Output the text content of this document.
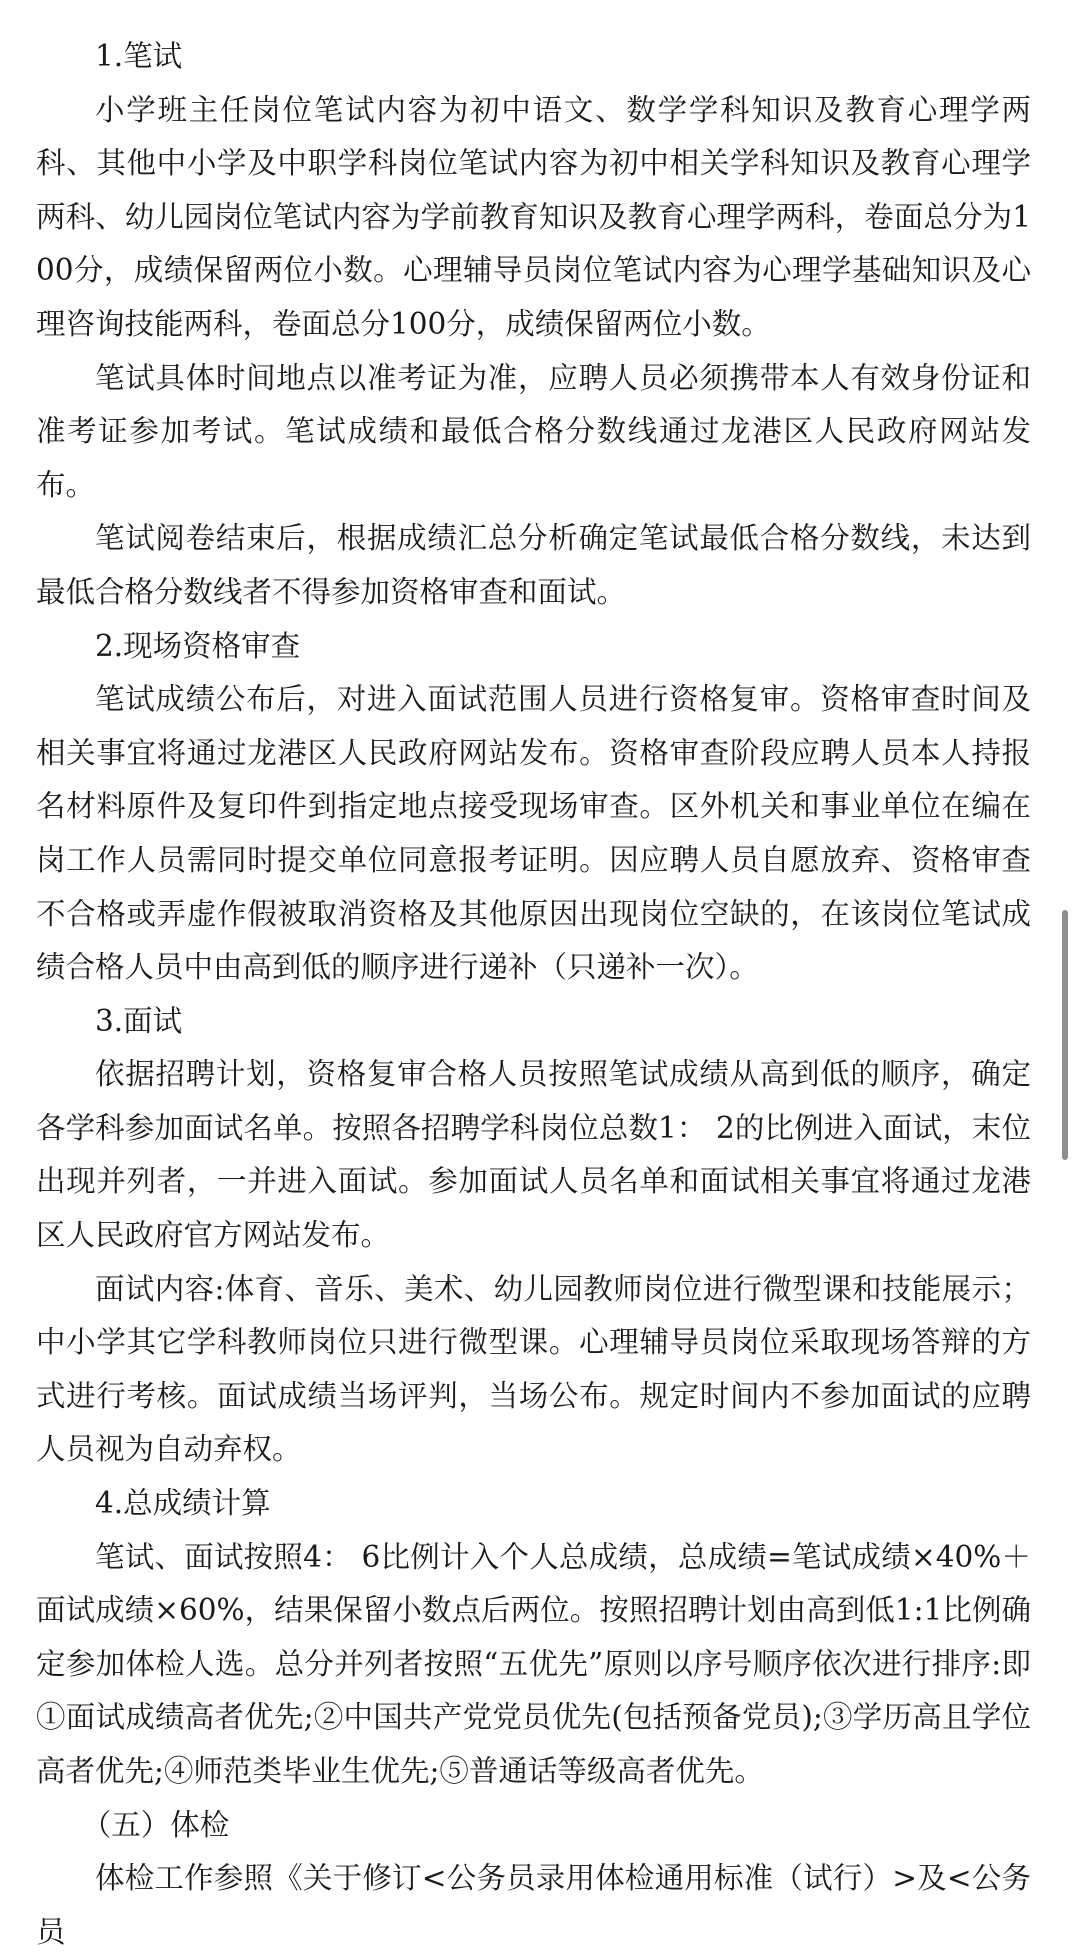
1.笔试

小学班主任岗位笔试内容为初中语文、数学学科知识及教育心理学两科、其他中小学及中职学科岗位笔试内容为初中相关学科知识及教育心理学两科、幼儿园岗位笔试内容为学前教育知识及教育心理学两科，卷面总分为100分，成绩保留两位小数。心理辅导员岗位笔试内容为心理学基础知识及心理咨询技能两科，卷面总分100分，成绩保留两位小数。

笔试具体时间地点以准考证为准，应聘人员必须携带本人有效身份证和准考证参加考试。笔试成绩和最低合格分数线通过龙港区人民政府网站发布。

笔试阅卷结束后，根据成绩汇总分析确定笔试最低合格分数线，未达到最低合格分数线者不得参加资格审查和面试。

2.现场资格审查

笔试成绩公布后，对进入面试范围人员进行资格复审。资格审查时间及相关事宜将通过龙港区人民政府网站发布。资格审查阶段应聘人员本人持报名材料原件及复印件到指定地点接受现场审查。区外机关和事业单位在编在岗工作人员需同时提交单位同意报考证明。因应聘人员自愿放弃、资格审查不合格或弄虚作假被取消资格及其他原因出现岗位空缺的，在该岗位笔试成绩合格人员中由高到低的顺序进行递补（只递补一次）。

3.面试

依据招聘计划，资格复审合格人员按照笔试成绩从高到低的顺序，确定各学科参加面试名单。按照各招聘学科岗位总数1： 2的比例进入面试，末位出现并列者，一并进入面试。参加面试人员名单和面试相关事宜将通过龙港区人民政府官方网站发布。

面试内容:体育、音乐、美术、幼儿园教师岗位进行微型课和技能展示；中小学其它学科教师岗位只进行微型课。心理辅导员岗位采取现场答辩的方式进行考核。面试成绩当场评判，当场公布。规定时间内不参加面试的应聘人员视为自动弃权。

4.总成绩计算

笔试、面试按照4： 6比例计入个人总成绩，总成绩=笔试成绩×40%＋面试成绩×60%，结果保留小数点后两位。按照招聘计划由高到低1:1比例确定参加体检人选。总分并列者按照“五优先”原则以序号顺序依次进行排序:即①面试成绩高者优先;②中国共产党党员优先(包括预备党员);③学历高且学位高者优先;④师范类毕业生优先;⑤普通话等级高者优先。

（五）体检

体检工作参照《关于修订<公务员录用体检通用标准（试行）>及<公务员
